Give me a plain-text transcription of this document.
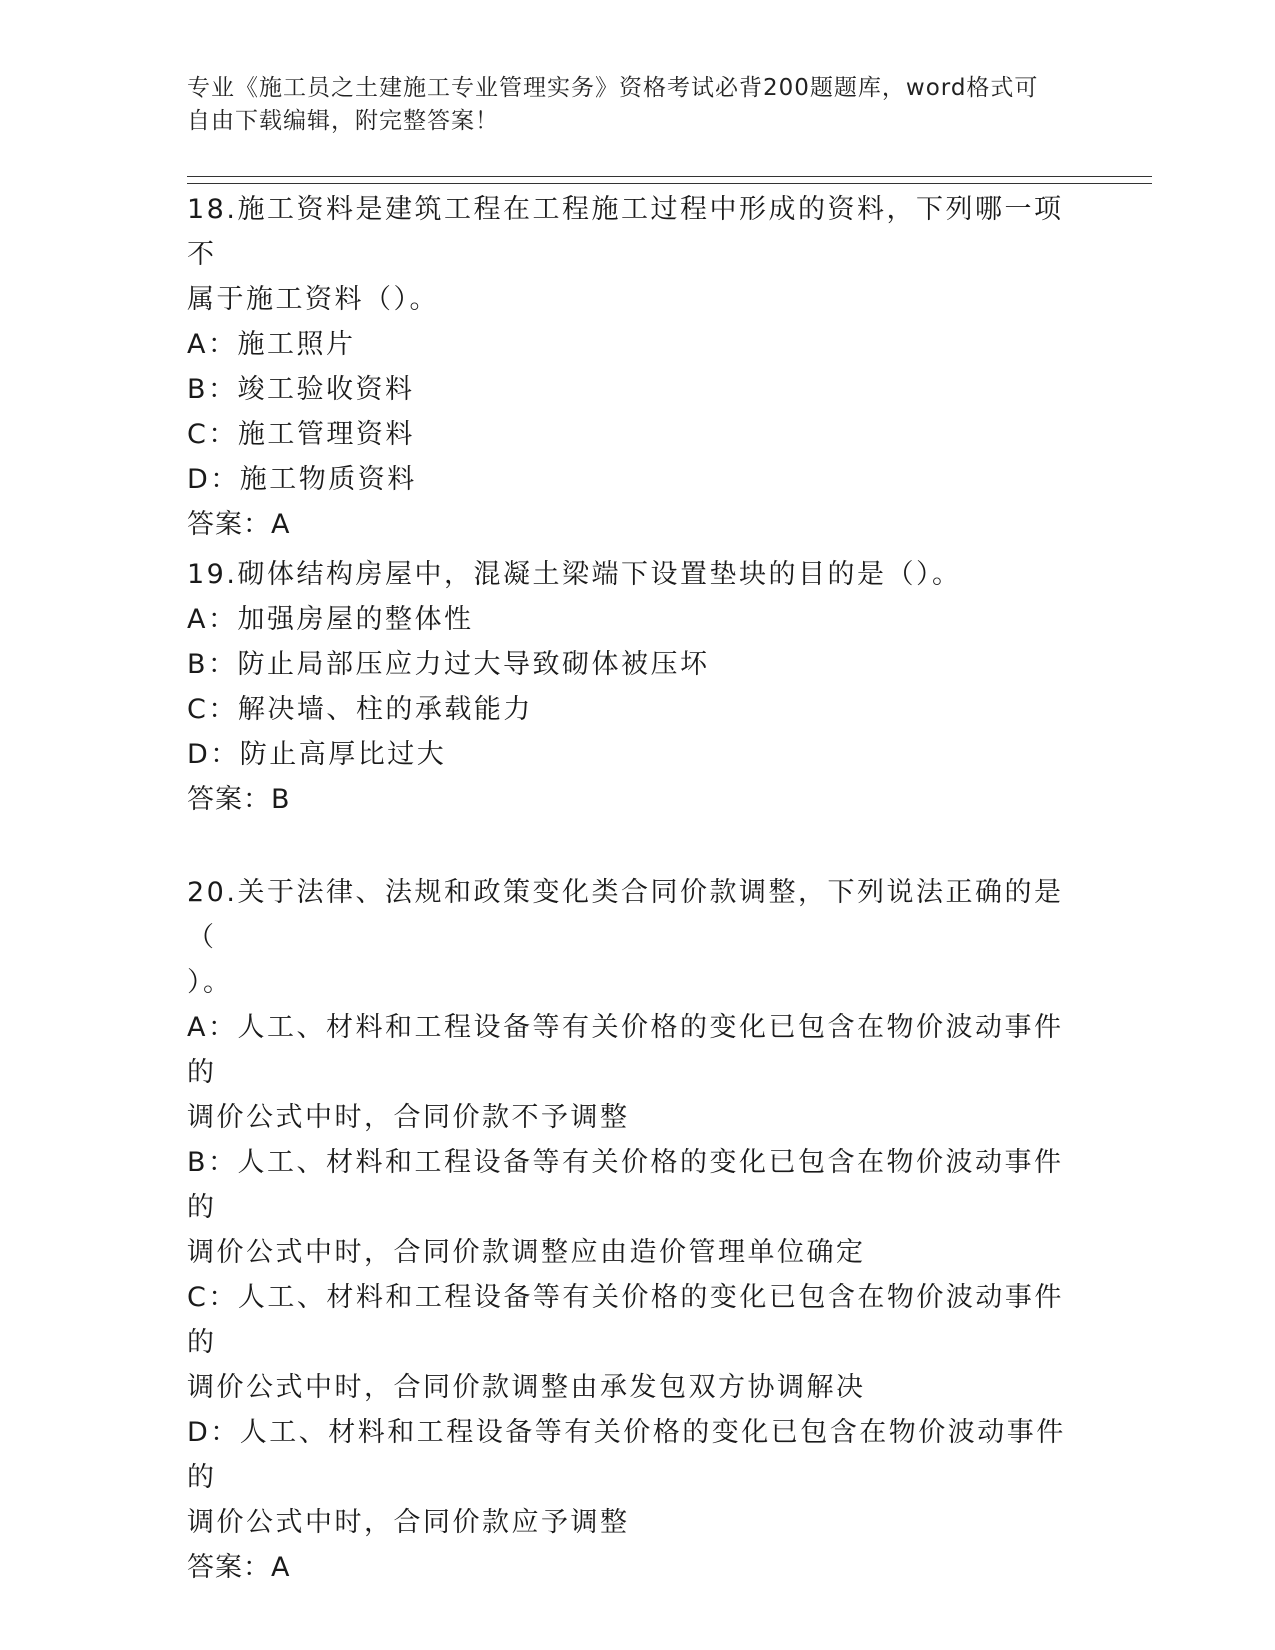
专业《施工员之土建施工专业管理实务》资格考试必背200题题库，word格式可
自由下载编辑，附完整答案！

18.施工资料是建筑工程在工程施工过程中形成的资料，下列哪一项不

属于施工资料（）。

A：施工照片

B：竣工验收资料

C：施工管理资料

D：施工物质资料

答案：A

19.砌体结构房屋中，混凝土梁端下设置垫块的目的是（）。

A：加强房屋的整体性

B：防止局部压应力过大导致砌体被压坏

C：解决墙、柱的承载能力

D：防止高厚比过大

答案：B

20.关于法律、法规和政策变化类合同价款调整，下列说法正确的是（

）。

A：人工、材料和工程设备等有关价格的变化已包含在物价波动事件的

调价公式中时，合同价款不予调整

B：人工、材料和工程设备等有关价格的变化已包含在物价波动事件的

调价公式中时，合同价款调整应由造价管理单位确定

C：人工、材料和工程设备等有关价格的变化已包含在物价波动事件的

调价公式中时，合同价款调整由承发包双方协调解决

D：人工、材料和工程设备等有关价格的变化已包含在物价波动事件的

调价公式中时，合同价款应予调整

答案：A
